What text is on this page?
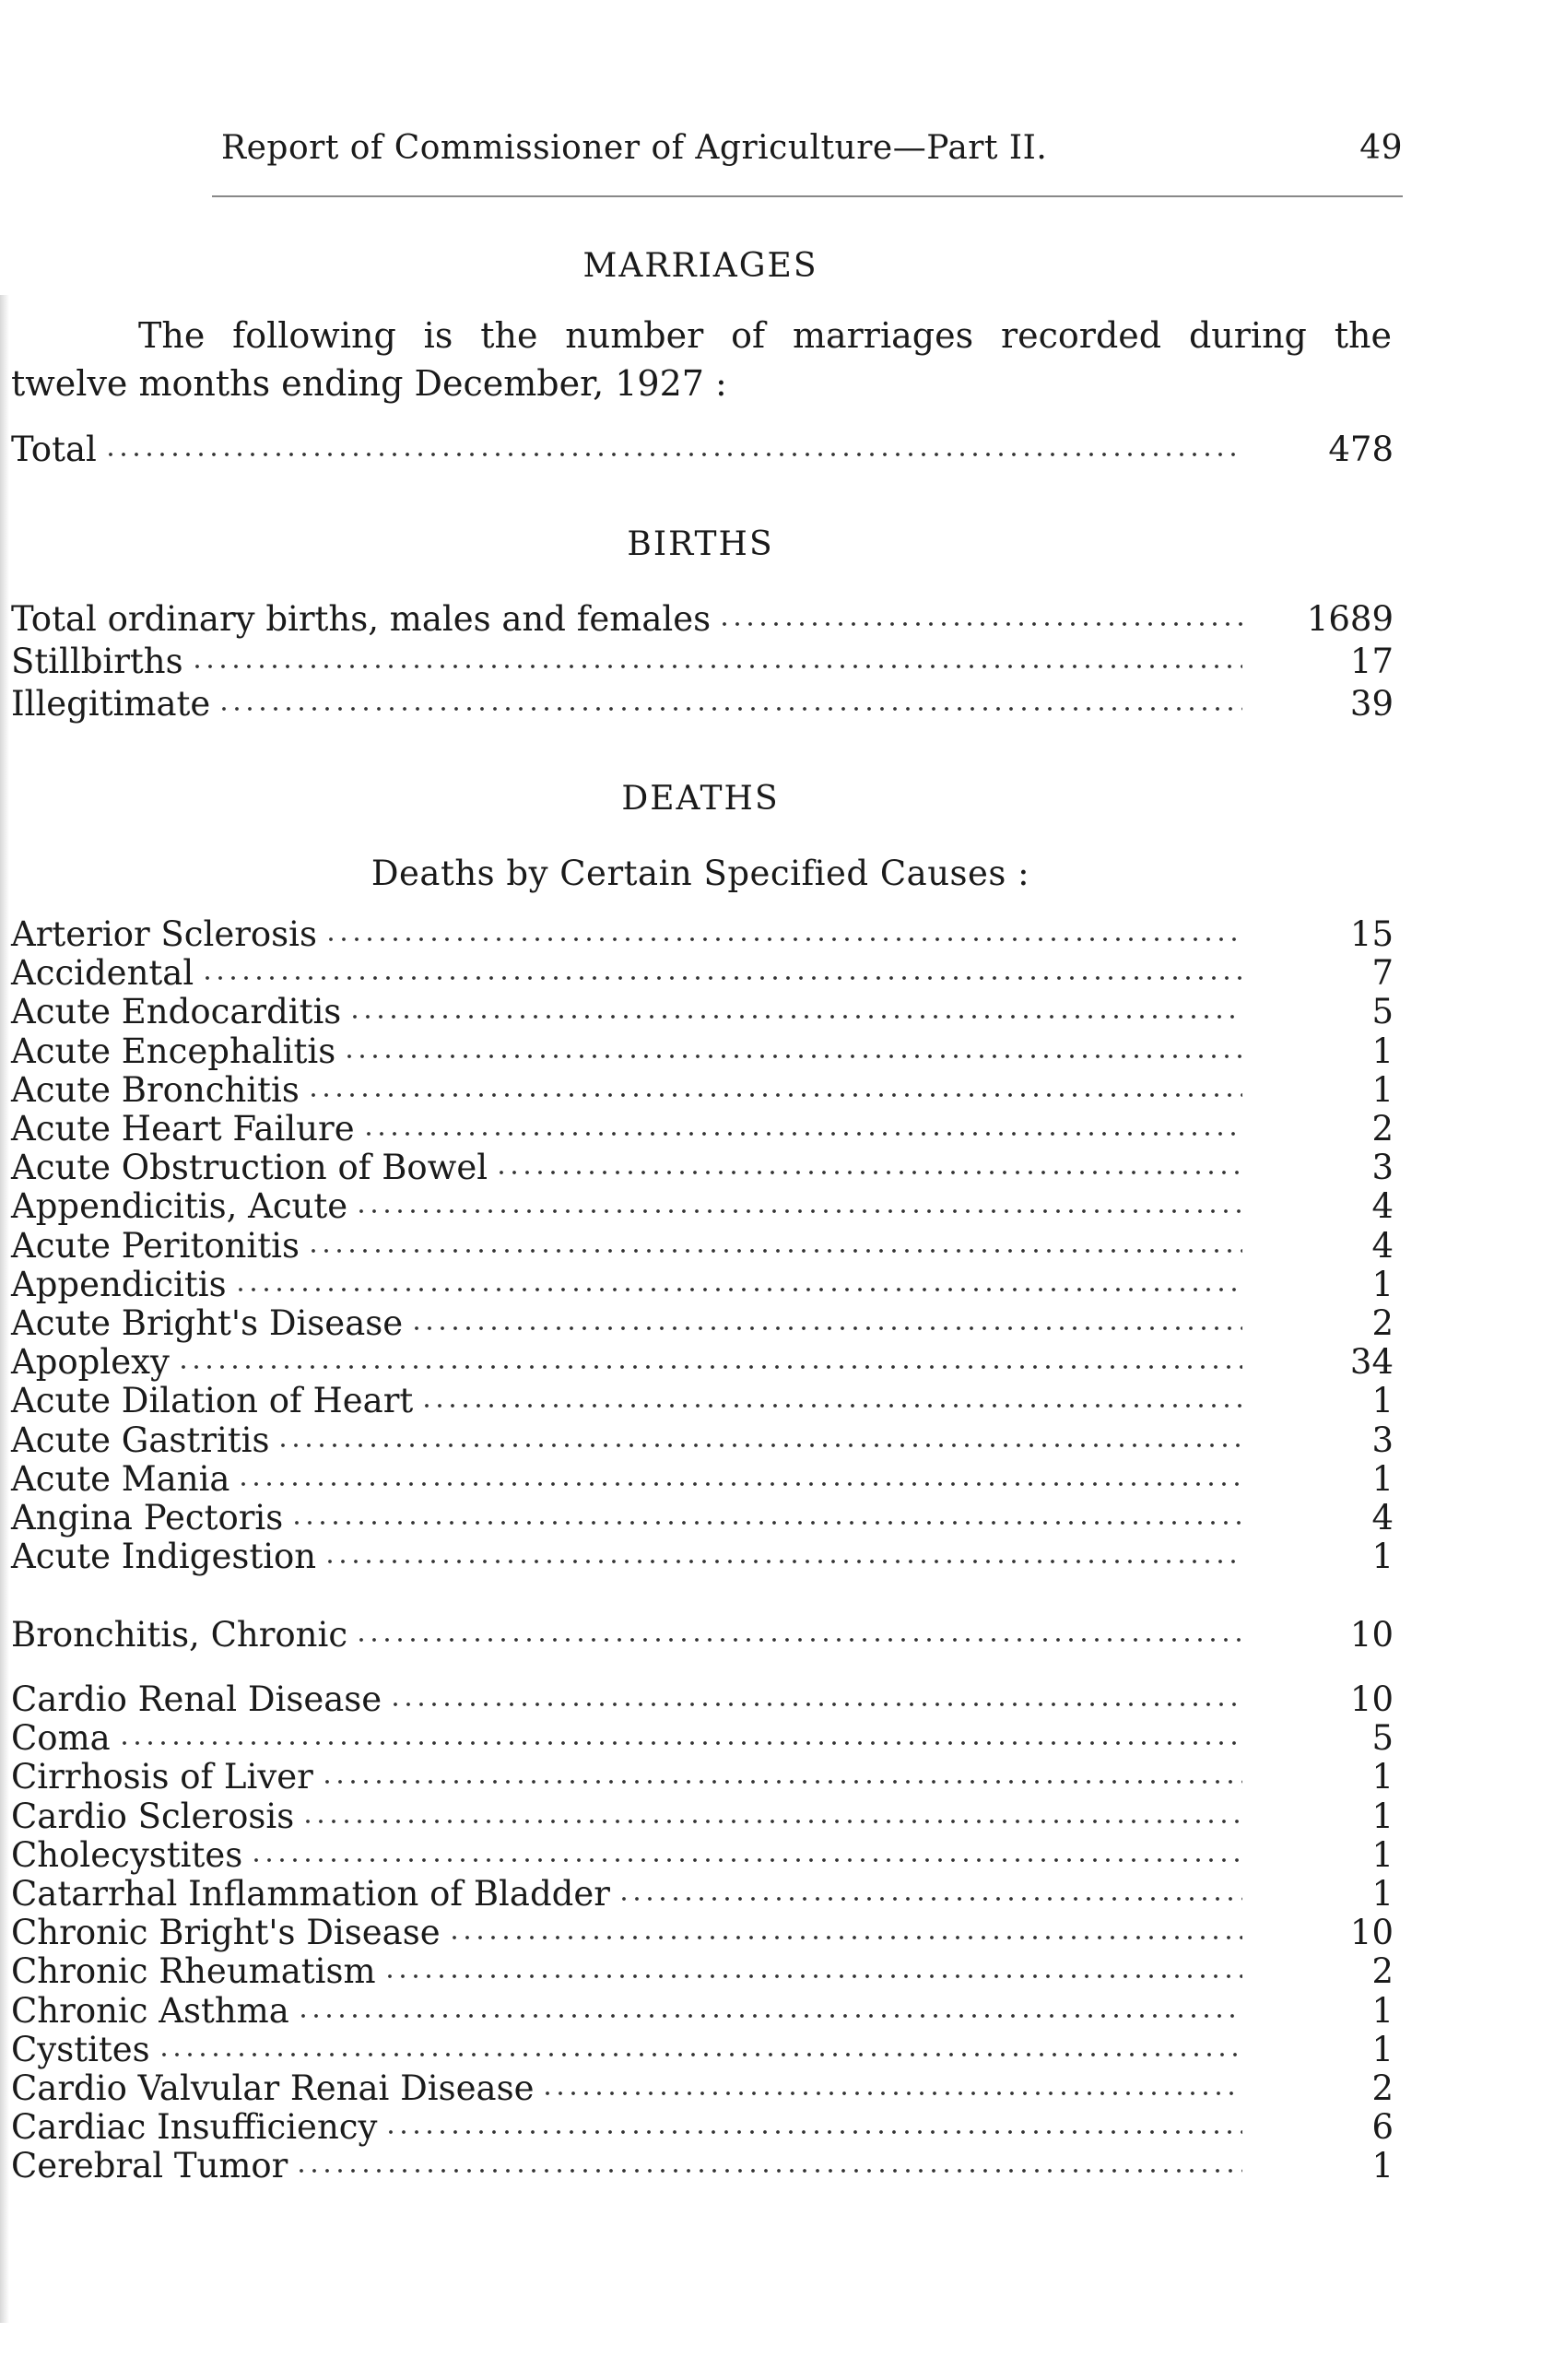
Report of Commissioner of Agriculture—Part II.	49
MARRIAGES
The following is the number of marriages recorded during the
twelve months ending December, 1927 :
Total	478
BIRTHS
Total ordinary births, males and females	1689
Stillbirths	17
Illegitimate	39
DEATHS
Deaths by Certain Specified Causes :
Arterior Sclerosis	15
Accidental	7
Acute Endocarditis	5
Acute Encephalitis	1
Acute Bronchitis	1
Acute Heart Failure	2
Acute Obstruction of Bowel	3
Appendicitis, Acute	4
Acute Peritonitis	4
Appendicitis	1
Acute Bright's Disease	2
Apoplexy	34
Acute Dilation of Heart	1
Acute Gastritis	3
Acute Mania	1
Angina Pectoris	4
Acute Indigestion	1
Bronchitis, Chronic	10
Cardio Renal Disease	10
Coma	5
Cirrhosis of Liver	1
Cardio Sclerosis	1
Cholecystites	1
Catarrhal Inflammation of Bladder	1
Chronic Bright's Disease	10
Chronic Rheumatism	2
Chronic Asthma	1
Cystites	1
Cardio Valvular Renai Disease	2
Cardiac Insufficiency	6
Cerebral Tumor	1
